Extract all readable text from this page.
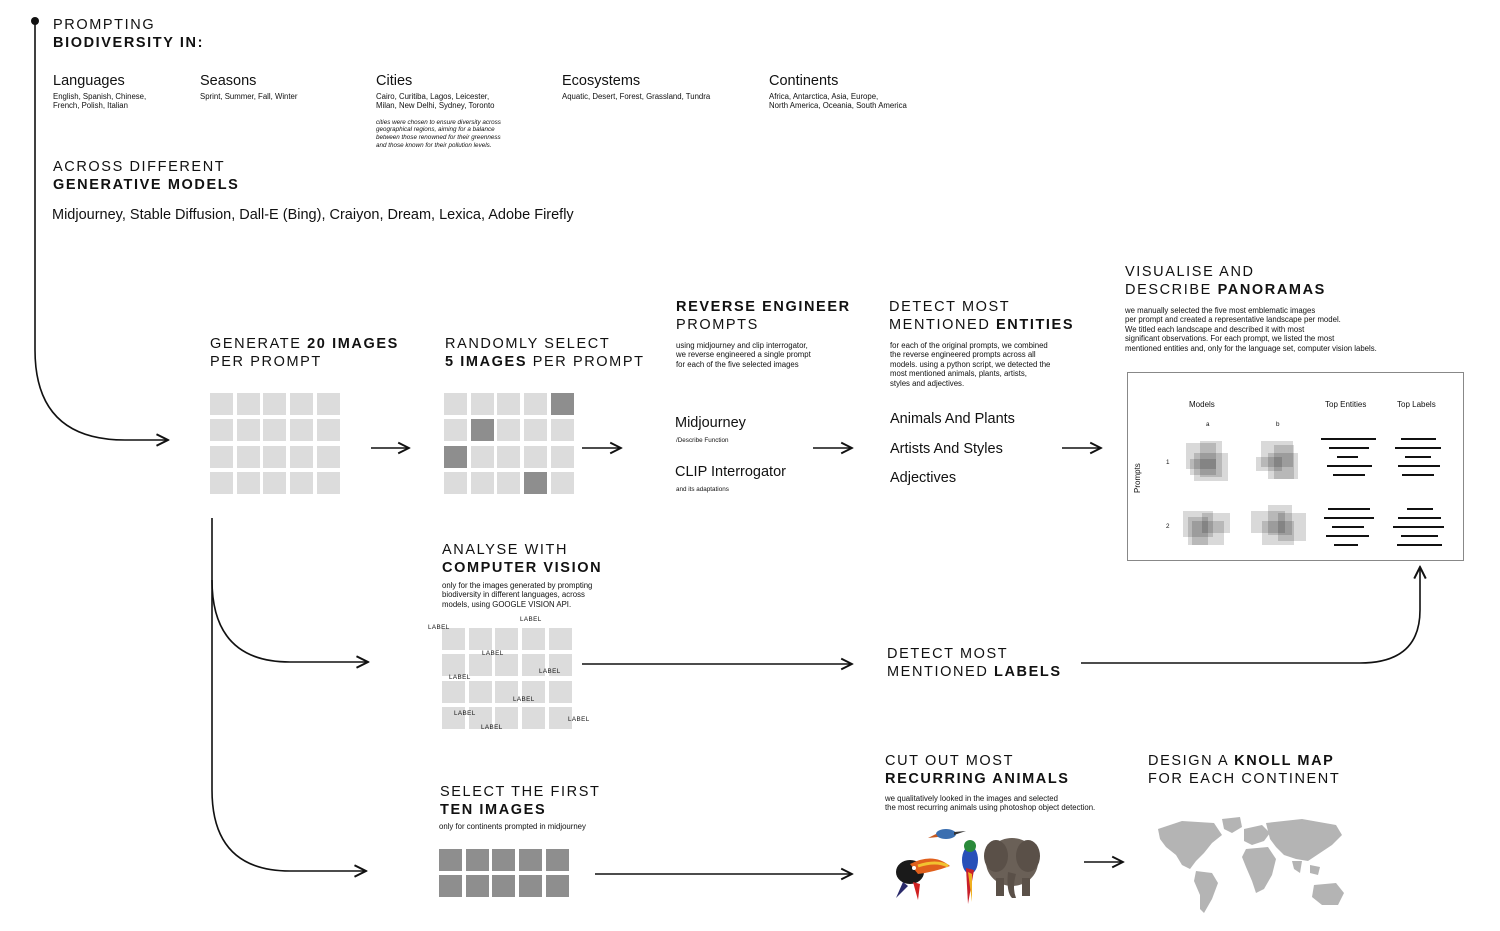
PROMPTING
BIODIVERSITY IN:
Languages
English, Spanish, Chinese,
French, Polish, Italian
Seasons
Sprint, Summer, Fall, Winter
Cities
Cairo, Curitiba, Lagos, Leicester,
Milan, New Delhi, Sydney, Toronto
cities were chosen to ensure diversity across
geographical regions, aiming for a balance
between those renowned for their greenness
and those known for their pollution levels.
Ecosystems
Aquatic, Desert, Forest, Grassland, Tundra
Continents
Africa, Antarctica, Asia, Europe,
North America, Oceania, South America
ACROSS DIFFERENT
GENERATIVE MODELS
Midjourney, Stable Diffusion, Dall-E (Bing), Craiyon, Dream, Lexica, Adobe Firefly
GENERATE 20 IMAGES
PER PROMPT
RANDOMLY SELECT
5 IMAGES PER PROMPT
REVERSE ENGINEER
PROMPTS
using midjourney and clip interrogator,
we reverse engineered a single prompt
for each of the five selected images
Midjourney
/Describe Function
CLIP Interrogator
and its adaptations
DETECT MOST
MENTIONED ENTITIES
for each of the original prompts, we combined
the reverse engineered prompts across all
models. using a python script, we detected the
most mentioned animals, plants, artists,
styles and adjectives.
Animals And Plants
Artists And Styles
Adjectives
VISUALISE AND
DESCRIBE PANORAMAS
we manually selected the five most emblematic images
per prompt and created a representative landscape per model.
We titled each landscape and described it with most
significant observations. For each prompt, we listed the most
mentioned entities and, only for the language set, computer vision labels.
Models
a	b
Top Entities	Top Labels
Prompts
1
2
ANALYSE WITH
COMPUTER VISION
only for the images generated by prompting
biodiversity in different languages, across
models, using GOOGLE VISION API.
LABEL
LABEL
LABEL
LABEL
LABEL
LABEL
LABEL
LABEL
LABEL
DETECT MOST
MENTIONED LABELS
SELECT THE FIRST
TEN IMAGES
only for continents prompted in midjourney
CUT OUT MOST
RECURRING ANIMALS
we qualitatively looked in the images and selected
the most recurring animals using photoshop object detection.
DESIGN A KNOLL MAP
FOR EACH CONTINENT
